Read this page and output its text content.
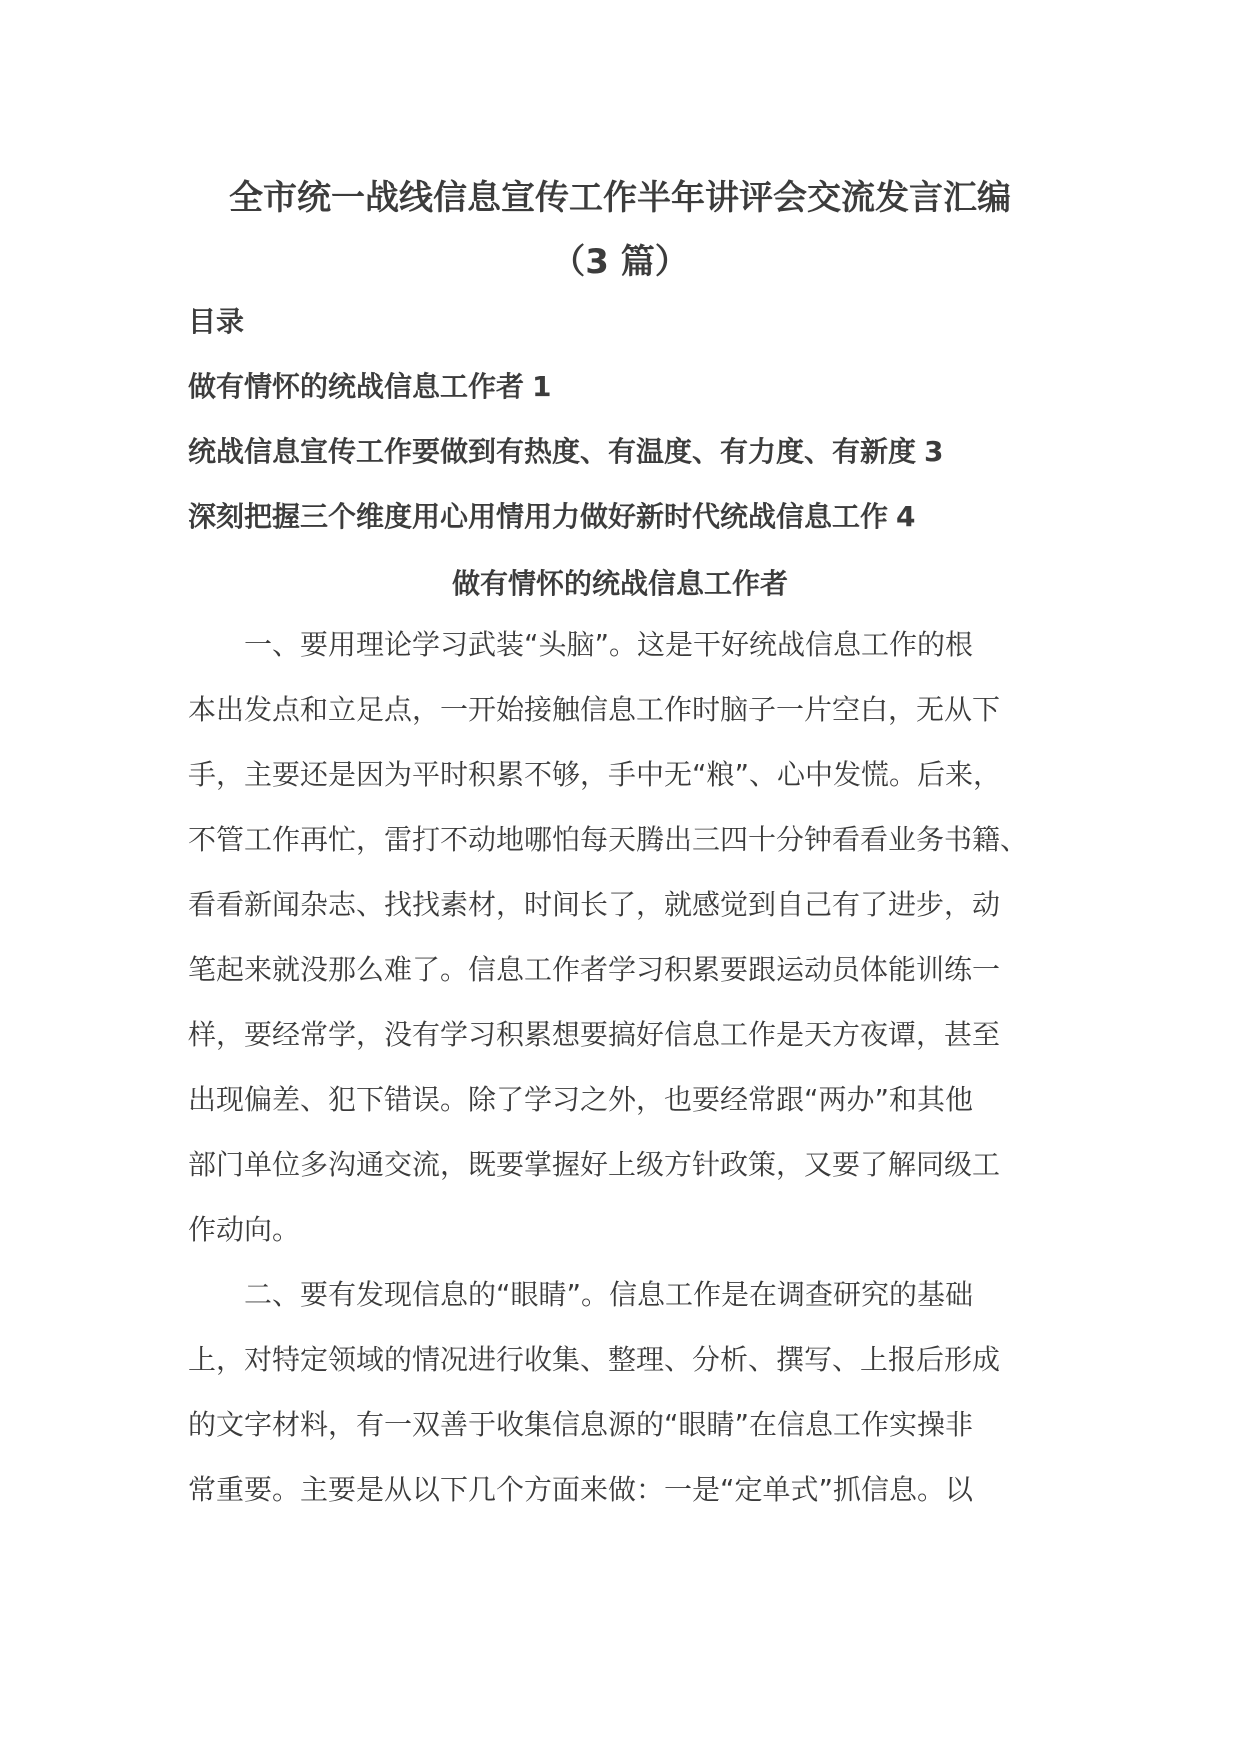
全市统一战线信息宣传工作半年讲评会交流发言汇编
（3 篇）
目录
做有情怀的统战信息工作者 1
统战信息宣传工作要做到有热度、有温度、有力度、有新度 3
深刻把握三个维度用心用情用力做好新时代统战信息工作 4
做有情怀的统战信息工作者
　　一、要用理论学习武装“头脑”。这是干好统战信息工作的根
本出发点和立足点，一开始接触信息工作时脑子一片空白，无从下
手，主要还是因为平时积累不够，手中无“粮”、心中发慌。后来，
不管工作再忙，雷打不动地哪怕每天腾出三四十分钟看看业务书籍、
看看新闻杂志、找找素材，时间长了，就感觉到自己有了进步，动
笔起来就没那么难了。信息工作者学习积累要跟运动员体能训练一
样，要经常学，没有学习积累想要搞好信息工作是天方夜谭，甚至
出现偏差、犯下错误。除了学习之外，也要经常跟“两办”和其他
部门单位多沟通交流，既要掌握好上级方针政策，又要了解同级工
作动向。
　　二、要有发现信息的“眼睛”。信息工作是在调查研究的基础
上，对特定领域的情况进行收集、整理、分析、撰写、上报后形成
的文字材料，有一双善于收集信息源的“眼睛”在信息工作实操非
常重要。主要是从以下几个方面来做：一是“定单式”抓信息。以
